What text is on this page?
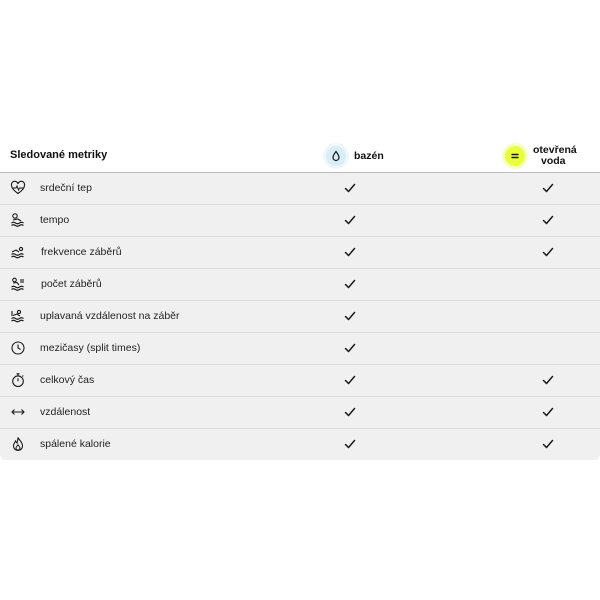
Sledované metriky	bazén	otevřená
voda
srdeční tep
tempo
frekvence záběrů
počet záběrů
uplavaná vzdálenost na záběr
mezičasy (split times)
celkový čas
vzdálenost
spálené kalorie
